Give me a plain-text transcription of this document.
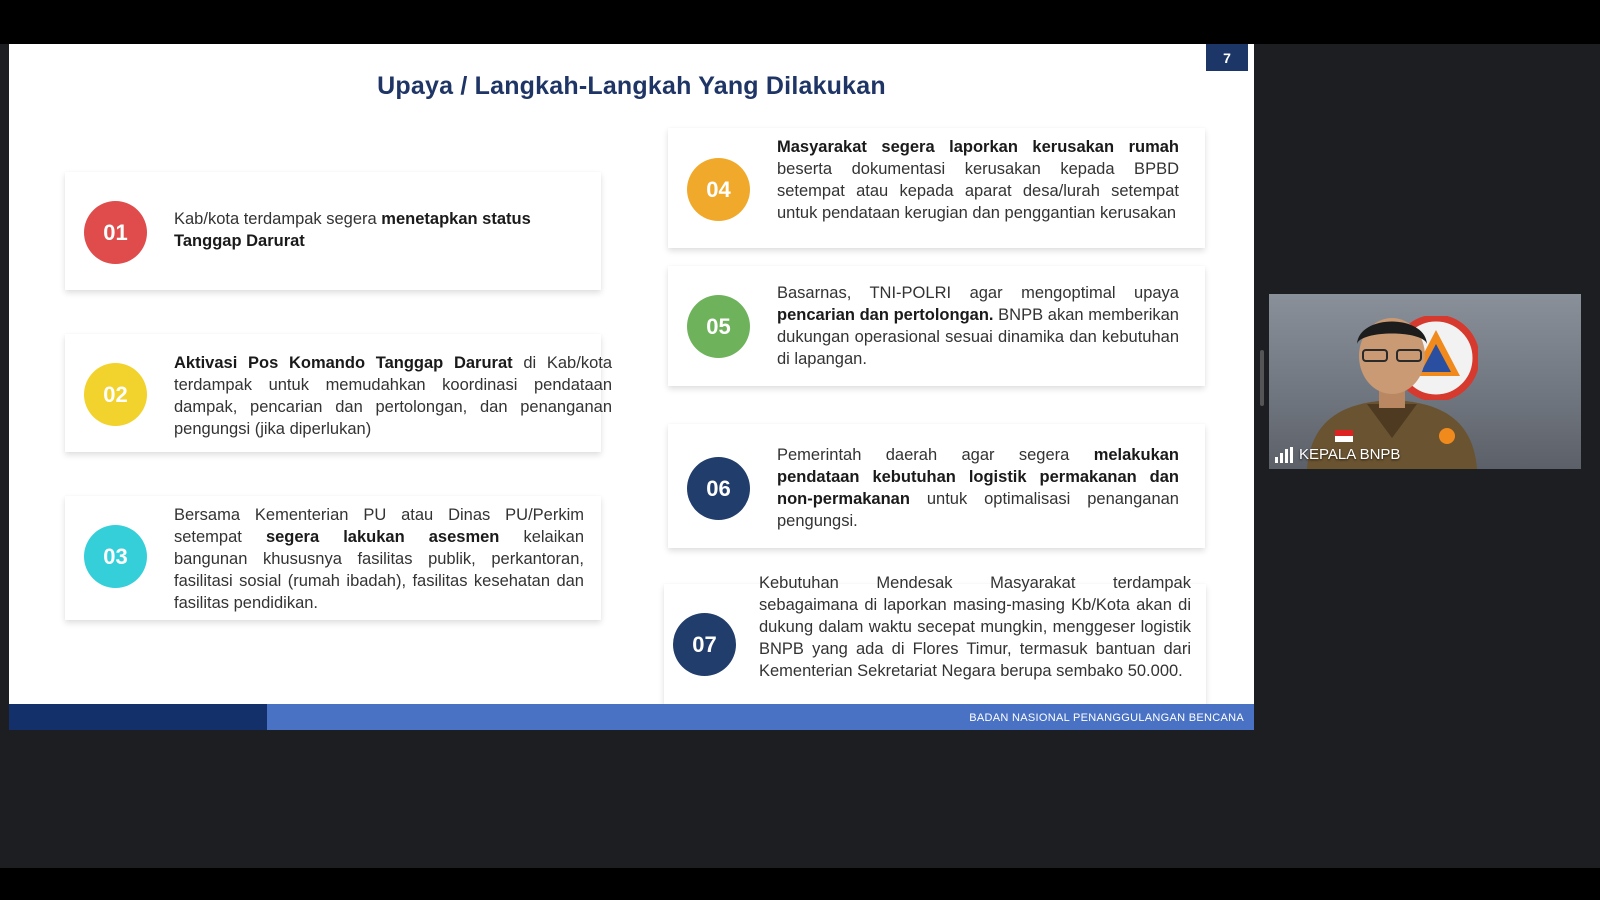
7
Upaya / Langkah-Langkah Yang Dilakukan
01
Kab/kota terdampak segera menetapkan status Tanggap Darurat
02
Aktivasi Pos Komando Tanggap Darurat di Kab/kota terdampak untuk memudahkan koordinasi pendataan dampak, pencarian dan pertolongan, dan penanganan pengungsi (jika diperlukan)
03
Bersama Kementerian PU atau Dinas PU/Perkim setempat segera lakukan asesmen kelaikan bangunan khususnya fasilitas publik, perkantoran, fasilitasi sosial (rumah ibadah), fasilitas kesehatan dan fasilitas pendidikan.
04
Masyarakat segera laporkan kerusakan rumah beserta dokumentasi kerusakan kepada BPBD setempat atau kepada aparat desa/lurah setempat untuk pendataan kerugian dan penggantian kerusakan
05
Basarnas, TNI-POLRI agar mengoptimal upaya pencarian dan pertolongan. BNPB akan memberikan dukungan operasional sesuai dinamika dan kebutuhan di lapangan.
06
Pemerintah daerah agar segera melakukan pendataan kebutuhan logistik permakanan dan non-permakanan untuk optimalisasi penanganan pengungsi.
07
Kebutuhan Mendesak Masyarakat terdampak sebagaimana di laporkan masing-masing Kb/Kota akan di dukung dalam waktu secepat mungkin, menggeser logistik BNPB yang ada di Flores Timur, termasuk bantuan dari Kementerian Sekretariat Negara berupa sembako 50.000.
BADAN NASIONAL PENANGGULANGAN BENCANA
KEPALA BNPB
